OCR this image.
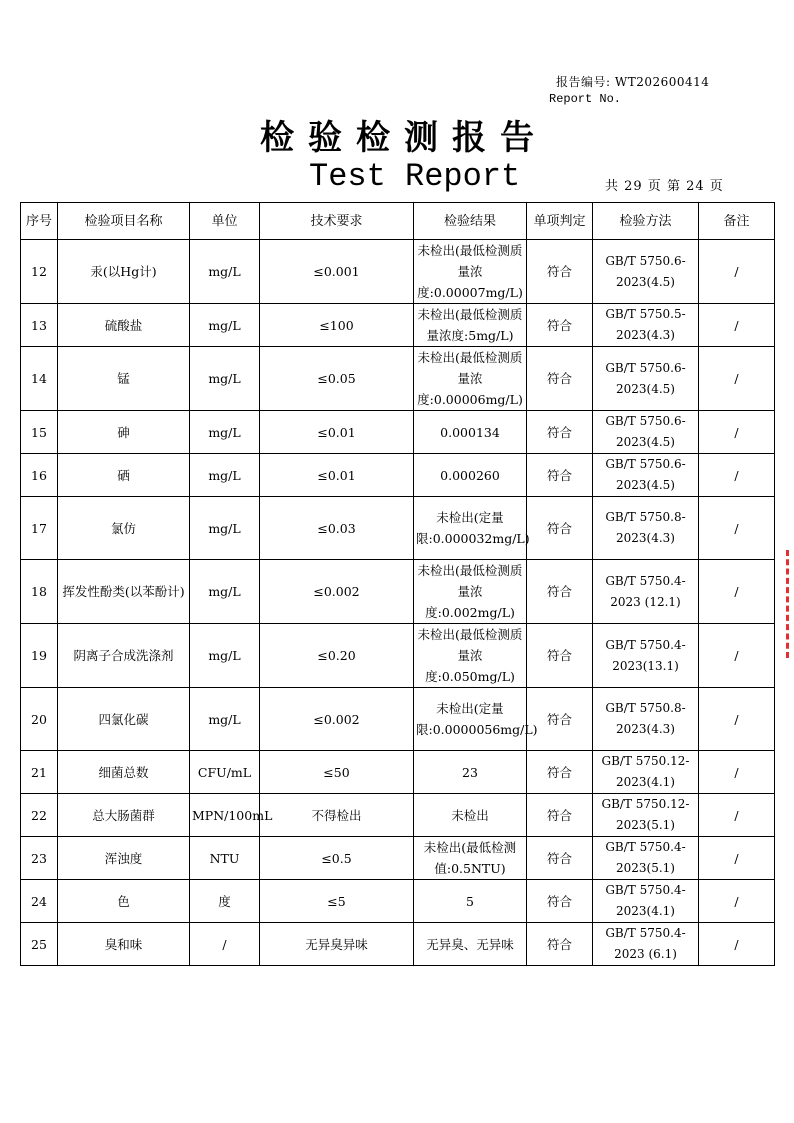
报告编号: WT202600414
Report No.
检验检测报告
Test Report	共 29 页 第 24 页
序号	检验项目名称	单位	技术要求	检验结果	单项判定	检验方法	备注
12	汞(以Hg计)	mg/L	≤0.001	未检出(最低检测质量浓度:0.00007mg/L)	符合	GB/T 5750.6-2023(4.5)	/
13	硫酸盐	mg/L	≤100	未检出(最低检测质量浓度:5mg/L)	符合	GB/T 5750.5-2023(4.3)	/
14	锰	mg/L	≤0.05	未检出(最低检测质量浓度:0.00006mg/L)	符合	GB/T 5750.6-2023(4.5)	/
15	砷	mg/L	≤0.01	0.000134	符合	GB/T 5750.6-2023(4.5)	/
16	硒	mg/L	≤0.01	0.000260	符合	GB/T 5750.6-2023(4.5)	/
17	氯仿	mg/L	≤0.03	未检出(定量限:0.000032mg/L)	符合	GB/T 5750.8-2023(4.3)	/
18	挥发性酚类(以苯酚计)	mg/L	≤0.002	未检出(最低检测质量浓度:0.002mg/L)	符合	GB/T 5750.4-2023 (12.1)	/
19	阴离子合成洗涤剂	mg/L	≤0.20	未检出(最低检测质量浓度:0.050mg/L)	符合	GB/T 5750.4-2023(13.1)	/
20	四氯化碳	mg/L	≤0.002	未检出(定量限:0.0000056mg/L)	符合	GB/T 5750.8-2023(4.3)	/
21	细菌总数	CFU/mL	≤50	23	符合	GB/T 5750.12-2023(4.1)	/
22	总大肠菌群	MPN/100mL	不得检出	未检出	符合	GB/T 5750.12-2023(5.1)	/
23	浑浊度	NTU	≤0.5	未检出(最低检测值:0.5NTU)	符合	GB/T 5750.4-2023(5.1)	/
24	色	度	≤5	5	符合	GB/T 5750.4-2023(4.1)	/
25	臭和味	/	无异臭异味	无异臭、无异味	符合	GB/T 5750.4-2023 (6.1)	/
